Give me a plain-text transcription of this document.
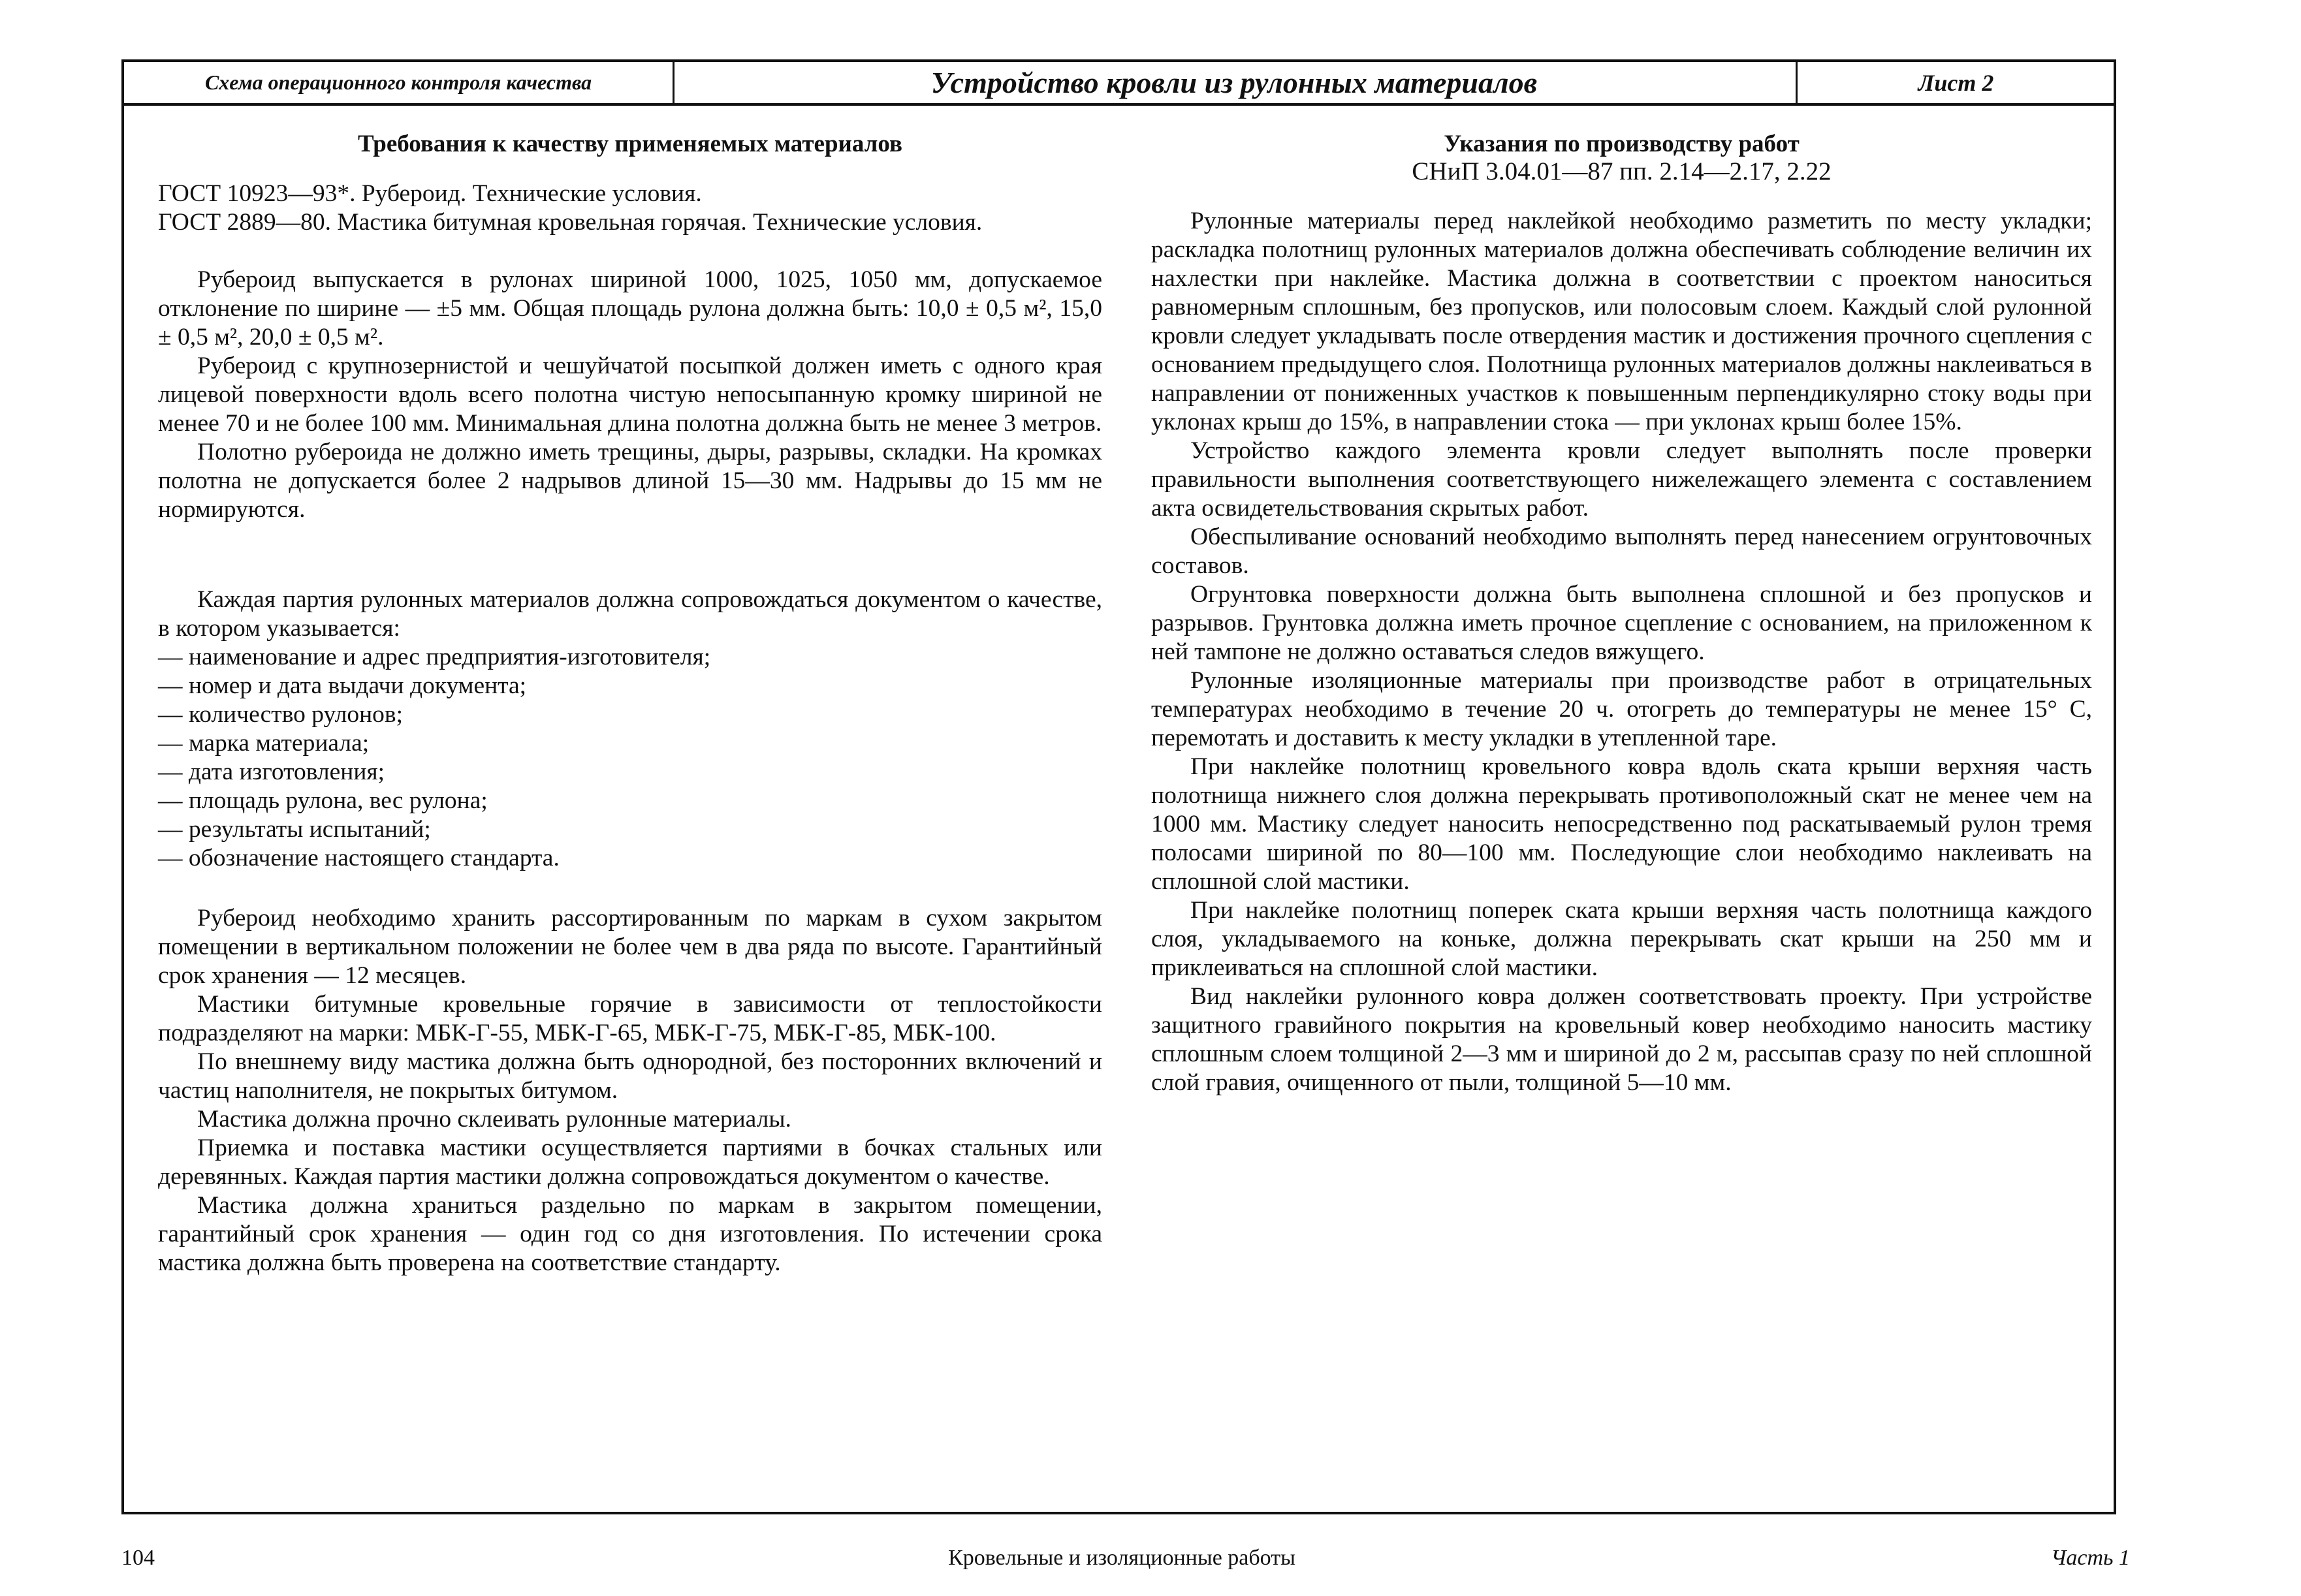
Схема операционного контроля качества	Устройство кровли из рулонных материалов	Лист 2
Требования к качеству применяемых материалов

ГОСТ 10923—93*. Рубероид. Технические условия.

ГОСТ 2889—80. Мастика битумная кровельная горячая. Технические условия.

Рубероид выпускается в рулонах шириной 1000, 1025, 1050 мм, допускаемое отклонение по ширине — ±5 мм. Общая площадь рулона должна быть: 10,0 ± 0,5 м², 15,0 ± 0,5 м², 20,0 ± 0,5 м².

Рубероид с крупнозернистой и чешуйчатой посыпкой должен иметь с одного края лицевой поверхности вдоль всего полотна чистую непосыпанную кромку шириной не менее 70 и не более 100 мм. Минимальная длина полотна должна быть не менее 3 метров.

Полотно рубероида не должно иметь трещины, дыры, разрывы, складки. На кромках полотна не допускается более 2 надрывов длиной 15—30 мм. Надрывы до 15 мм не нормируются.

Каждая партия рулонных материалов должна сопровождаться документом о качестве, в котором указывается:

— наименование и адрес предприятия-изготовителя;
— номер и дата выдачи документа;
— количество рулонов;
— марка материала;
— дата изготовления;
— площадь рулона, вес рулона;
— результаты испытаний;
— обозначение настоящего стандарта.

Рубероид необходимо хранить рассортированным по маркам в сухом закрытом помещении в вертикальном положении не более чем в два ряда по высоте. Гарантийный срок хранения — 12 месяцев.

Мастики битумные кровельные горячие в зависимости от теплостойкости подразделяют на марки: МБК-Г-55, МБК-Г-65, МБК-Г-75, МБК-Г-85, МБК-100.

По внешнему виду мастика должна быть однородной, без посторонних включений и частиц наполнителя, не покрытых битумом.

Мастика должна прочно склеивать рулонные материалы.

Приемка и поставка мастики осуществляется партиями в бочках стальных или деревянных. Каждая партия мастики должна сопровождаться документом о качестве.

Мастика должна храниться раздельно по маркам в закрытом помещении, гарантийный срок хранения — один год со дня изготовления. По истечении срока мастика должна быть проверена на соответствие стандарту.

Указания по производству работ
СНиП 3.04.01—87 пп. 2.14—2.17, 2.22

Рулонные материалы перед наклейкой необходимо разметить по месту укладки; раскладка полотнищ рулонных материалов должна обеспечивать соблюдение величин их нахлестки при наклейке. Мастика должна в соответствии с проектом наноситься равномерным сплошным, без пропусков, или полосовым слоем. Каждый слой рулонной кровли следует укладывать после отвердения мастик и достижения прочного сцепления с основанием предыдущего слоя. Полотнища рулонных материалов должны наклеиваться в направлении от пониженных участков к повышенным перпендикулярно стоку воды при уклонах крыш до 15%, в направлении стока — при уклонах крыш более 15%.

Устройство каждого элемента кровли следует выполнять после проверки правильности выполнения соответствующего нижележащего элемента с составлением акта освидетельствования скрытых работ.

Обеспыливание оснований необходимо выполнять перед нанесением огрунтовочных составов.

Огрунтовка поверхности должна быть выполнена сплошной и без пропусков и разрывов. Грунтовка должна иметь прочное сцепление с основанием, на приложенном к ней тампоне не должно оставаться следов вяжущего.

Рулонные изоляционные материалы при производстве работ в отрицательных температурах необходимо в течение 20 ч. отогреть до температуры не менее 15° С, перемотать и доставить к месту укладки в утепленной таре.

При наклейке полотнищ кровельного ковра вдоль ската крыши верхняя часть полотнища нижнего слоя должна перекрывать противоположный скат не менее чем на 1000 мм. Мастику следует наносить непосредственно под раскатываемый рулон тремя полосами шириной по 80—100 мм. Последующие слои необходимо наклеивать на сплошной слой мастики.

При наклейке полотнищ поперек ската крыши верхняя часть полотнища каждого слоя, укладываемого на коньке, должна перекрывать скат крыши на 250 мм и приклеиваться на сплошной слой мастики.

Вид наклейки рулонного ковра должен соответствовать проекту. При устройстве защитного гравийного покрытия на кровельный ковер необходимо наносить мастику сплошным слоем толщиной 2—3 мм и шириной до 2 м, рассыпав сразу по ней сплошной слой гравия, очищенного от пыли, толщиной 5—10 мм.

104	Кровельные и изоляционные работы	Часть 1
